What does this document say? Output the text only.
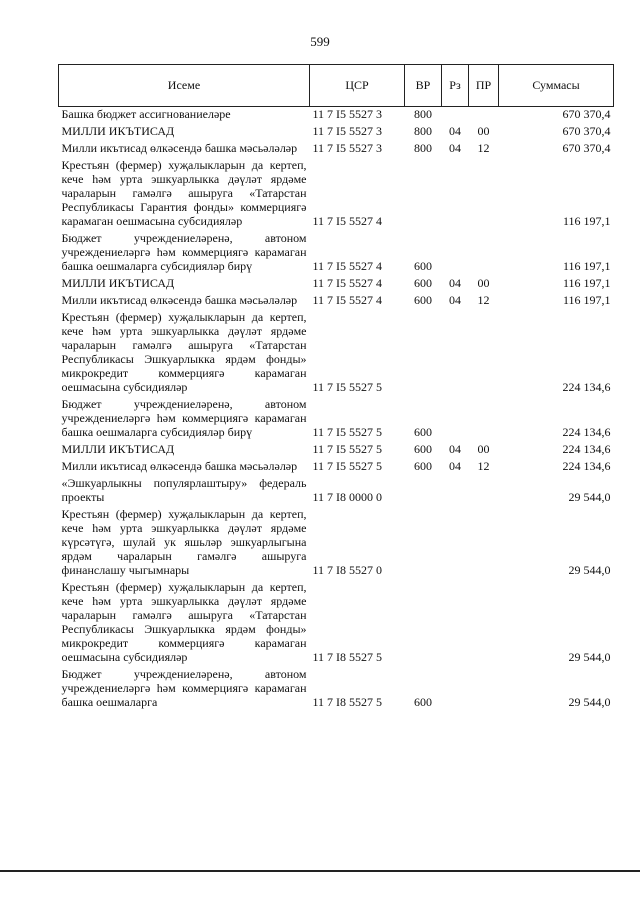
599
Исеме	ЦСР	ВР	Рз	ПР	Суммасы
Башка бюджет ассигнованиеләре	11 7 I5 5527 3	800			670 370,4
МИЛЛИ ИКЪТИСАД	11 7 I5 5527 3	800	04	00	670 370,4
Милли икътисад өлкәсендә башка мәсьәләләр	11 7 I5 5527 3	800	04	12	670 370,4
Крестьян (фермер) хуҗалыкларын да кертеп, кече һәм урта эшкуарлыкка дәүләт ярдәме чараларын гамәлгә ашыруга «Татарстан Республикасы Гарантия фонды» коммерциягә карамаган оешмасына субсидияләр	11 7 I5 5527 4				116 197,1
Бюджет учреждениеләренә, автоном учреждениеләргә һәм коммерциягә карамаган башка оешмаларга субсидияләр бирү	11 7 I5 5527 4	600			116 197,1
МИЛЛИ ИКЪТИСАД	11 7 I5 5527 4	600	04	00	116 197,1
Милли икътисад өлкәсендә башка мәсьәләләр	11 7 I5 5527 4	600	04	12	116 197,1
Крестьян (фермер) хуҗалыкларын да кертеп, кече һәм урта эшкуарлыкка дәүләт ярдәме чараларын гамәлгә ашыруга «Татарстан Республикасы Эшкуарлыкка ярдәм фонды» микрокредит коммерциягә карамаган оешмасына субсидияләр	11 7 I5 5527 5				224 134,6
Бюджет учреждениеләренә, автоном учреждениеләргә һәм коммерциягә карамаган башка оешмаларга субсидияләр бирү	11 7 I5 5527 5	600			224 134,6
МИЛЛИ ИКЪТИСАД	11 7 I5 5527 5	600	04	00	224 134,6
Милли икътисад өлкәсендә башка мәсьәләләр	11 7 I5 5527 5	600	04	12	224 134,6
«Эшкуарлыкны популярлаштыру» федераль проекты	11 7 I8 0000 0				29 544,0
Крестьян (фермер) хуҗалыкларын да кертеп, кече һәм урта эшкуарлыкка дәүләт ярдәме күрсәтүгә, шулай ук яшьләр эшкуарлыгына ярдәм чараларын гамәлгә ашыруга финанслашу чыгымнары	11 7 I8 5527 0				29 544,0
Крестьян (фермер) хуҗалыкларын да кертеп, кече һәм урта эшкуарлыкка дәүләт ярдәме чараларын гамәлгә ашыруга «Татарстан Республикасы Эшкуарлыкка ярдәм фонды» микрокредит коммерциягә карамаган оешмасына субсидияләр	11 7 I8 5527 5				29 544,0
Бюджет учреждениеләренә, автоном учреждениеләргә һәм коммерциягә карамаган башка оешмаларга	11 7 I8 5527 5	600			29 544,0
